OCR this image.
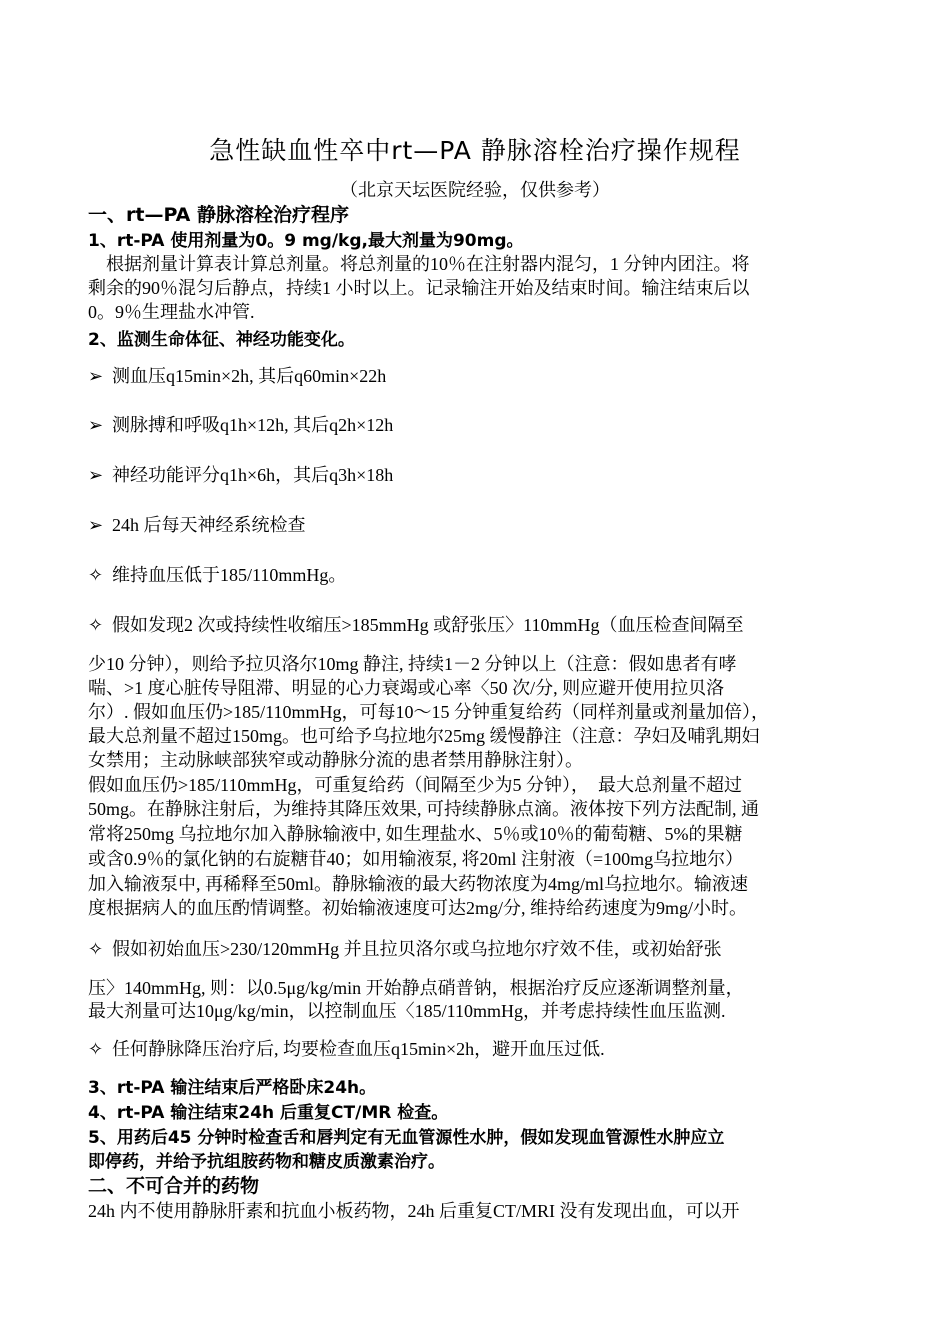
急性缺血性卒中rt—PA 静脉溶栓治疗操作规程
（北京天坛医院经验，仅供参考）
一、rt—PA 静脉溶栓治疗程序
1、rt-PA 使用剂量为0。9 mg/kg,最大剂量为90mg。
根据剂量计算表计算总剂量。将总剂量的10％在注射器内混匀，1 分钟内团注。将
剩余的90％混匀后静点，持续1 小时以上。记录输注开始及结束时间。输注结束后以
0。9％生理盐水冲管.
2、监测生命体征、神经功能变化。
➢ 测血压q15min×2h, 其后q60min×22h
➢ 测脉搏和呼吸q1h×12h, 其后q2h×12h
➢ 神经功能评分q1h×6h，其后q3h×18h
➢ 24h 后每天神经系统检查
✧ 维持血压低于185/110mmHg。
✧ 假如发现2 次或持续性收缩压>185mmHg 或舒张压〉110mmHg（血压检查间隔至
少10 分钟），则给予拉贝洛尔10mg 静注, 持续1－2 分钟以上（注意：假如患者有哮
喘、>1 度心脏传导阻滞、明显的心力衰竭或心率〈50 次/分, 则应避开使用拉贝洛
尔）. 假如血压仍>185/110mmHg，可每10～15 分钟重复给药（同样剂量或剂量加倍），
最大总剂量不超过150mg。也可给予乌拉地尔25mg 缓慢静注（注意：孕妇及哺乳期妇
女禁用；主动脉峡部狭窄或动静脉分流的患者禁用静脉注射）。
假如血压仍>185/110mmHg，可重复给药（间隔至少为5 分钟），  最大总剂量不超过
50mg。在静脉注射后，为维持其降压效果, 可持续静脉点滴。液体按下列方法配制, 通
常将250mg 乌拉地尔加入静脉输液中, 如生理盐水、5％或10％的葡萄糖、5%的果糖
或含0.9％的氯化钠的右旋糖苷40；如用输液泵, 将20ml 注射液（=100mg乌拉地尔）
加入输液泵中, 再稀释至50ml。静脉输液的最大药物浓度为4mg/ml乌拉地尔。输液速
度根据病人的血压酌情调整。初始输液速度可达2mg/分, 维持给药速度为9mg/小时。
✧ 假如初始血压>230/120mmHg 并且拉贝洛尔或乌拉地尔疗效不佳，或初始舒张
压〉140mmHg, 则：以0.5μg/kg/min 开始静点硝普钠，根据治疗反应逐渐调整剂量，
最大剂量可达10μg/kg/min，以控制血压〈185/110mmHg，并考虑持续性血压监测.
✧ 任何静脉降压治疗后, 均要检查血压q15min×2h，避开血压过低.
3、rt-PA 输注结束后严格卧床24h。
4、rt-PA 输注结束24h 后重复CT/MR 检查。
5、用药后45 分钟时检查舌和唇判定有无血管源性水肿，假如发现血管源性水肿应立
即停药，并给予抗组胺药物和糖皮质激素治疗。
二、不可合并的药物
24h 内不使用静脉肝素和抗血小板药物，24h 后重复CT/MRI 没有发现出血，可以开
